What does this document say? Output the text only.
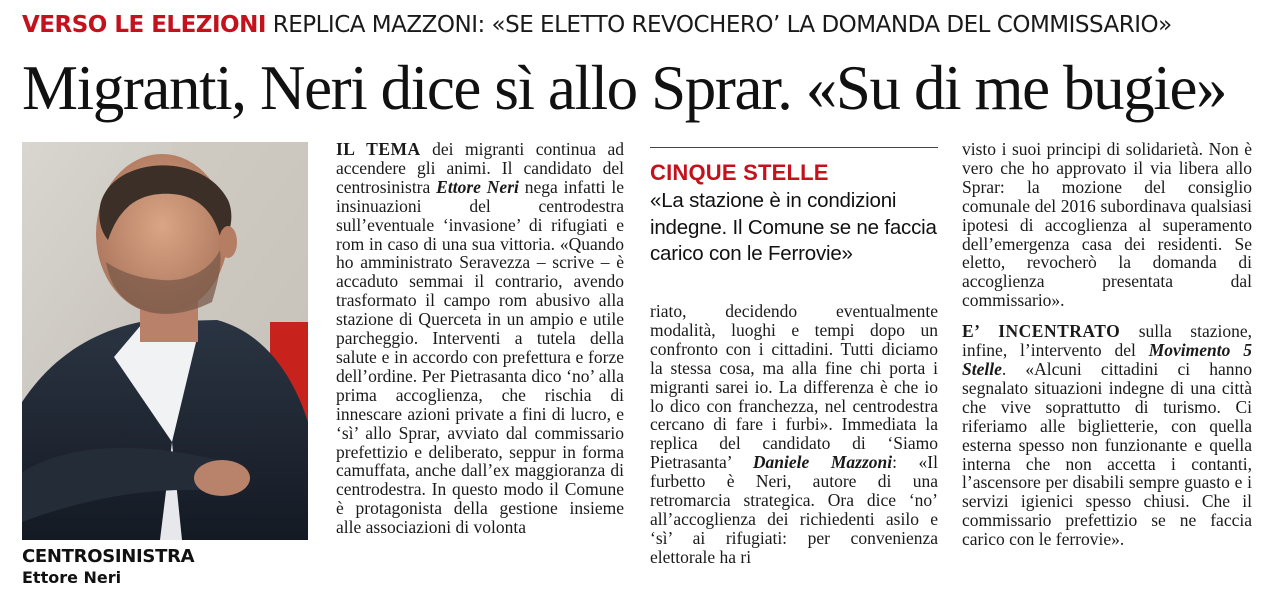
VERSO LE ELEZIONI REPLICA MAZZONI: «SE ELETTO REVOCHERO’ LA DOMANDA DEL COMMISSARIO»
Migranti, Neri dice sì allo Sprar. «Su di me bugie»
CENTROSINISTRA
Ettore Neri

IL TEMA dei migranti continua ad accendere gli animi. Il candidato del centrosinistra Ettore Neri nega infatti le insinuazioni del centrodestra sull’eventuale ‘invasione’ di rifugiati e rom in caso di una sua vittoria. «Quando ho amministrato Seravezza – scrive – è accaduto semmai il contrario, avendo trasformato il campo rom abusivo alla stazione di Querceta in un ampio e utile parcheggio. Interventi a tutela della salute e in accordo con prefettura e forze dell’ordine. Per Pietrasanta dico ‘no’ alla prima accoglienza, che rischia di innescare azioni private a fini di lucro, e ‘sì’ allo Sprar, avviato dal commissario prefettizio e deliberato, seppur in forma camuffata, anche dall’ex maggioranza di centrodestra. In questo modo il Comune è protagonista della gestione insieme alle associazioni di volonta

CINQUE STELLE
«La stazione è in condizioni indegne. Il Comune se ne faccia carico con le Ferrovie»

riato, decidendo eventualmente modalità, luoghi e tempi dopo un confronto con i cittadini. Tutti diciamo la stessa cosa, ma alla fine chi porta i migranti sarei io. La differenza è che io lo dico con franchezza, nel centrodestra cercano di fare i furbi». Immediata la replica del candidato di ‘Siamo Pietrasanta’ Daniele Mazzoni: «Il furbetto è Neri, autore di una retromarcia strategica. Ora dice ‘no’ all’accoglienza dei richiedenti asilo e ‘sì’ ai rifugiati: per convenienza elettorale ha ri

visto i suoi principi di solidarietà. Non è vero che ho approvato il via libera allo Sprar: la mozione del consiglio comunale del 2016 subordinava qualsiasi ipotesi di accoglienza al superamento dell’emergenza casa dei residenti. Se eletto, revocherò la domanda di accoglienza presentata dal commissario».

E’ INCENTRATO sulla stazione, infine, l’intervento del Movimento 5 Stelle. «Alcuni cittadini ci hanno segnalato situazioni indegne di una città che vive soprattutto di turismo. Ci riferiamo alle biglietterie, con quella esterna spesso non funzionante e quella interna che non accetta i contanti, l’ascensore per disabili sempre guasto e i servizi igienici spesso chiusi. Che il commissario prefettizio se ne faccia carico con le ferrovie».
